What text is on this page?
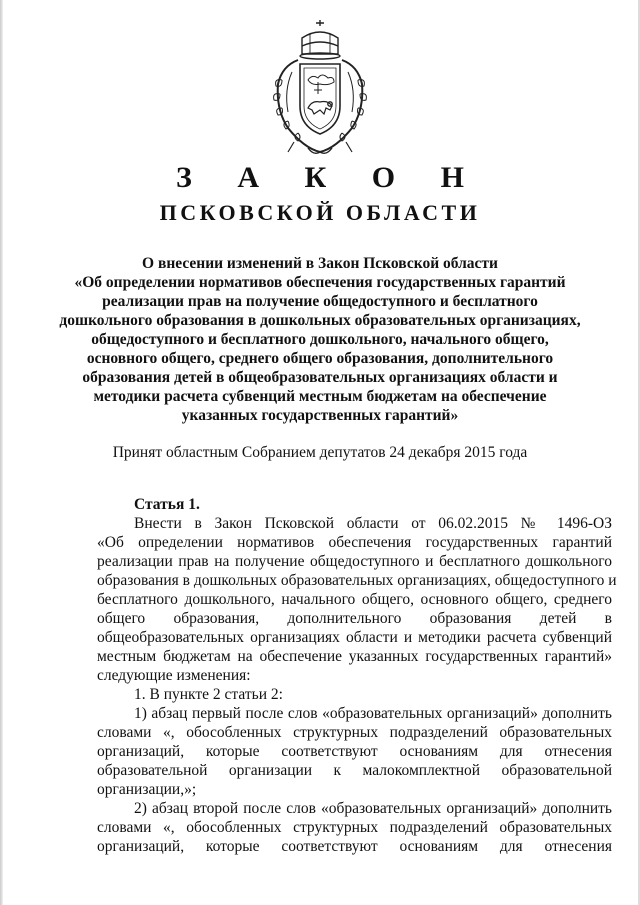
З А К О Н
ПСКОВСКОЙ ОБЛАСТИ
О внесении изменений в Закон Псковской области
«Об определении нормативов обеспечения государственных гарантий
реализации прав на получение общедоступного и бесплатного
дошкольного образования в дошкольных образовательных организациях,
общедоступного и бесплатного дошкольного, начального общего,
основного общего, среднего общего образования, дополнительного
образования детей в общеобразовательных организациях области и
методики расчета субвенций местным бюджетам на обеспечение
указанных государственных гарантий»
Принят областным Собранием депутатов 24 декабря 2015 года
Статья 1.
Внести в Закон Псковской области от 06.02.2015 № 1496-ОЗ
«Об определении нормативов обеспечения государственных гарантий
реализации прав на получение общедоступного и бесплатного дошкольного
образования в дошкольных образовательных организациях, общедоступного и
бесплатного дошкольного, начального общего, основного общего, среднего
общего образования, дополнительного образования детей в
общеобразовательных организациях области и методики расчета субвенций
местным бюджетам на обеспечение указанных государственных гарантий»
следующие изменения:
1. В пункте 2 статьи 2:
1) абзац первый после слов «образовательных организаций» дополнить
словами «, обособленных структурных подразделений образовательных
организаций, которые соответствуют основаниям для отнесения
образовательной организации к малокомплектной образовательной
организации,»;
2) абзац второй после слов «образовательных организаций» дополнить
словами «, обособленных структурных подразделений образовательных
организаций, которые соответствуют основаниям для отнесения
